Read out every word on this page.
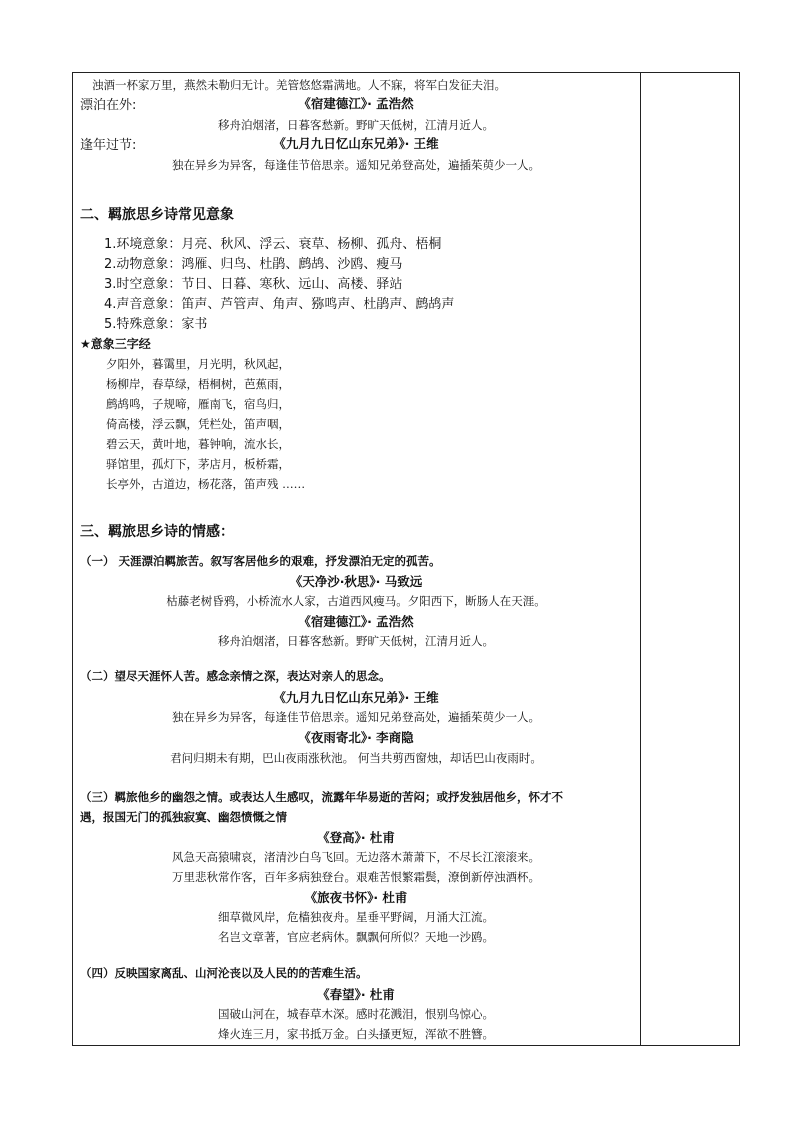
浊酒一杯家万里，燕然未勒归无计。羌管悠悠霜满地。人不寐，将军白发征夫泪。
漂泊在外:	《宿建德江》· 孟浩然
移舟泊烟渚，日暮客愁新。野旷天低树，江清月近人。
逢年过节:	《九月九日忆山东兄弟》· 王维
独在异乡为异客，每逢佳节倍思亲。遥知兄弟登高处，遍插茱萸少一人。
二、羁旅思乡诗常见意象
1.环境意象：月亮、秋风、浮云、衰草、杨柳、孤舟、梧桐
2.动物意象：鸿雁、归鸟、杜鹃、鹧鸪、沙鸥、瘦马
3.时空意象：节日、日暮、寒秋、远山、高楼、驿站
4.声音意象：笛声、芦管声、角声、猕鸣声、杜鹃声、鹧鸪声
5.特殊意象：家书
★意象三字经
夕阳外，暮霭里，月光明，秋风起，
杨柳岸，春草绿，梧桐树，芭蕉雨，
鹧鸪鸣，子规啼，雁南飞，宿鸟归，
倚高楼，浮云飘，凭栏处，笛声咽，
碧云天，黄叶地，暮钟响，流水长，
驿馆里，孤灯下，茅店月，板桥霜，
长亭外，古道边，杨花落，笛声残 ……
三、羁旅思乡诗的情感：
（一） 天涯漂泊羁旅苦。叙写客居他乡的艰难，抒发漂泊无定的孤苦。
《天净沙·秋思》· 马致远
枯藤老树昏鸦，小桥流水人家，古道西风瘦马。夕阳西下，断肠人在天涯。
《宿建德江》· 孟浩然
移舟泊烟渚，日暮客愁新。野旷天低树，江清月近人。
（二）望尽天涯怀人苦。感念亲情之深，表达对亲人的思念。
《九月九日忆山东兄弟》· 王维
独在异乡为异客，每逢佳节倍思亲。遥知兄弟登高处，遍插茱萸少一人。
《夜雨寄北》· 李商隐
君问归期未有期，巴山夜雨涨秋池。 何当共剪西窗烛，却话巴山夜雨时。
（三）羁旅他乡的幽怨之情。或表达人生感叹，流露年华易逝的苦闷；或抒发独居他乡，怀才不
遇，报国无门的孤独寂寞、幽怨愤慨之情
《登高》· 杜甫
风急天高猿啸哀，渚清沙白鸟飞回。无边落木萧萧下，不尽长江滚滚来。
万里悲秋常作客，百年多病独登台。艰难苦恨繁霜鬓，潦倒新停浊酒杯。
《旅夜书怀》· 杜甫
细草微风岸，危樯独夜舟。星垂平野阔，月涌大江流。
名岂文章著，官应老病休。飘飘何所似？天地一沙鸥。
（四）反映国家离乱、山河沦丧以及人民的的苦难生活。
《春望》· 杜甫
国破山河在，城春草木深。感时花溅泪，恨别鸟惊心。
烽火连三月，家书抵万金。白头搔更短，浑欲不胜簪。
